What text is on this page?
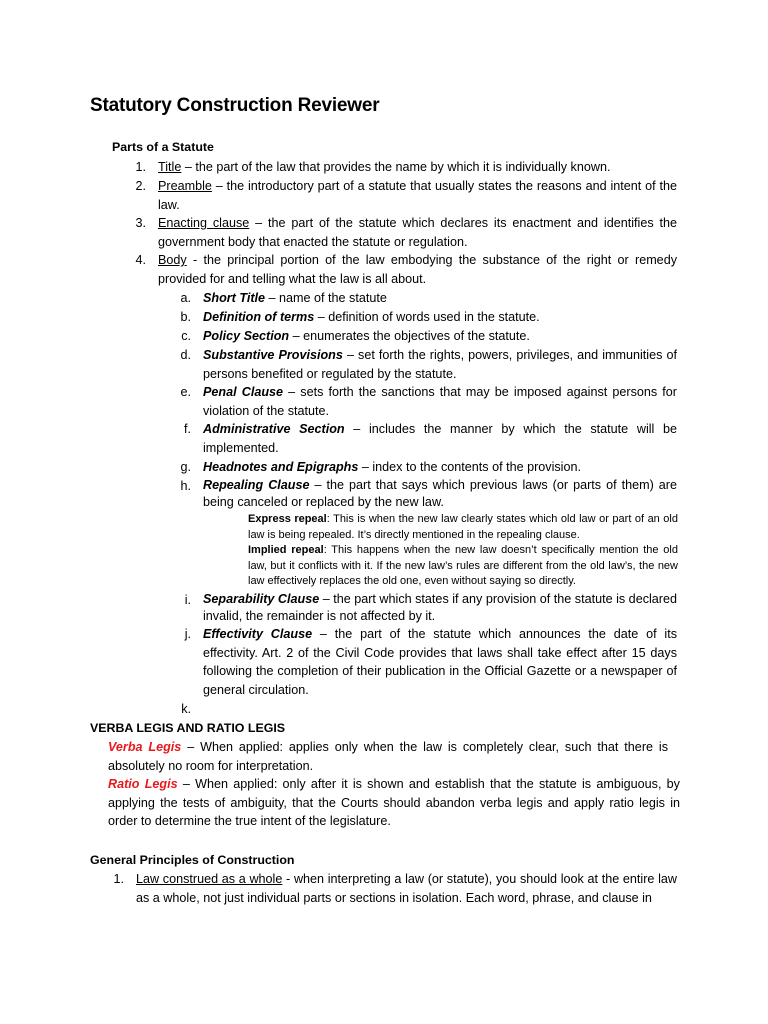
Statutory Construction Reviewer
Parts of a Statute
1. Title – the part of the law that provides the name by which it is individually known.
2. Preamble – the introductory part of a statute that usually states the reasons and intent of the law.
3. Enacting clause – the part of the statute which declares its enactment and identifies the government body that enacted the statute or regulation.
4. Body - the principal portion of the law embodying the substance of the right or remedy provided for and telling what the law is all about.
a. Short Title – name of the statute
b. Definition of terms – definition of words used in the statute.
c. Policy Section – enumerates the objectives of the statute.
d. Substantive Provisions – set forth the rights, powers, privileges, and immunities of persons benefited or regulated by the statute.
e. Penal Clause – sets forth the sanctions that may be imposed against persons for violation of the statute.
f. Administrative Section – includes the manner by which the statute will be implemented.
g. Headnotes and Epigraphs – index to the contents of the provision.
h. Repealing Clause – the part that says which previous laws (or parts of them) are being canceled or replaced by the new law.
Express repeal: This is when the new law clearly states which old law or part of an old law is being repealed. It’s directly mentioned in the repealing clause.
Implied repeal: This happens when the new law doesn’t specifically mention the old law, but it conflicts with it. If the new law’s rules are different from the old law’s, the new law effectively replaces the old one, even without saying so directly.
i. Separability Clause – the part which states if any provision of the statute is declared invalid, the remainder is not affected by it.
j. Effectivity Clause – the part of the statute which announces the date of its effectivity. Art. 2 of the Civil Code provides that laws shall take effect after 15 days following the completion of their publication in the Official Gazette or a newspaper of general circulation.
k.
VERBA LEGIS AND RATIO LEGIS
Verba Legis – When applied: applies only when the law is completely clear, such that there is absolutely no room for interpretation.
Ratio Legis – When applied: only after it is shown and establish that the statute is ambiguous, by applying the tests of ambiguity, that the Courts should abandon verba legis and apply ratio legis in order to determine the true intent of the legislature.
General Principles of Construction
1. Law construed as a whole - when interpreting a law (or statute), you should look at the entire law as a whole, not just individual parts or sections in isolation. Each word, phrase, and clause in
